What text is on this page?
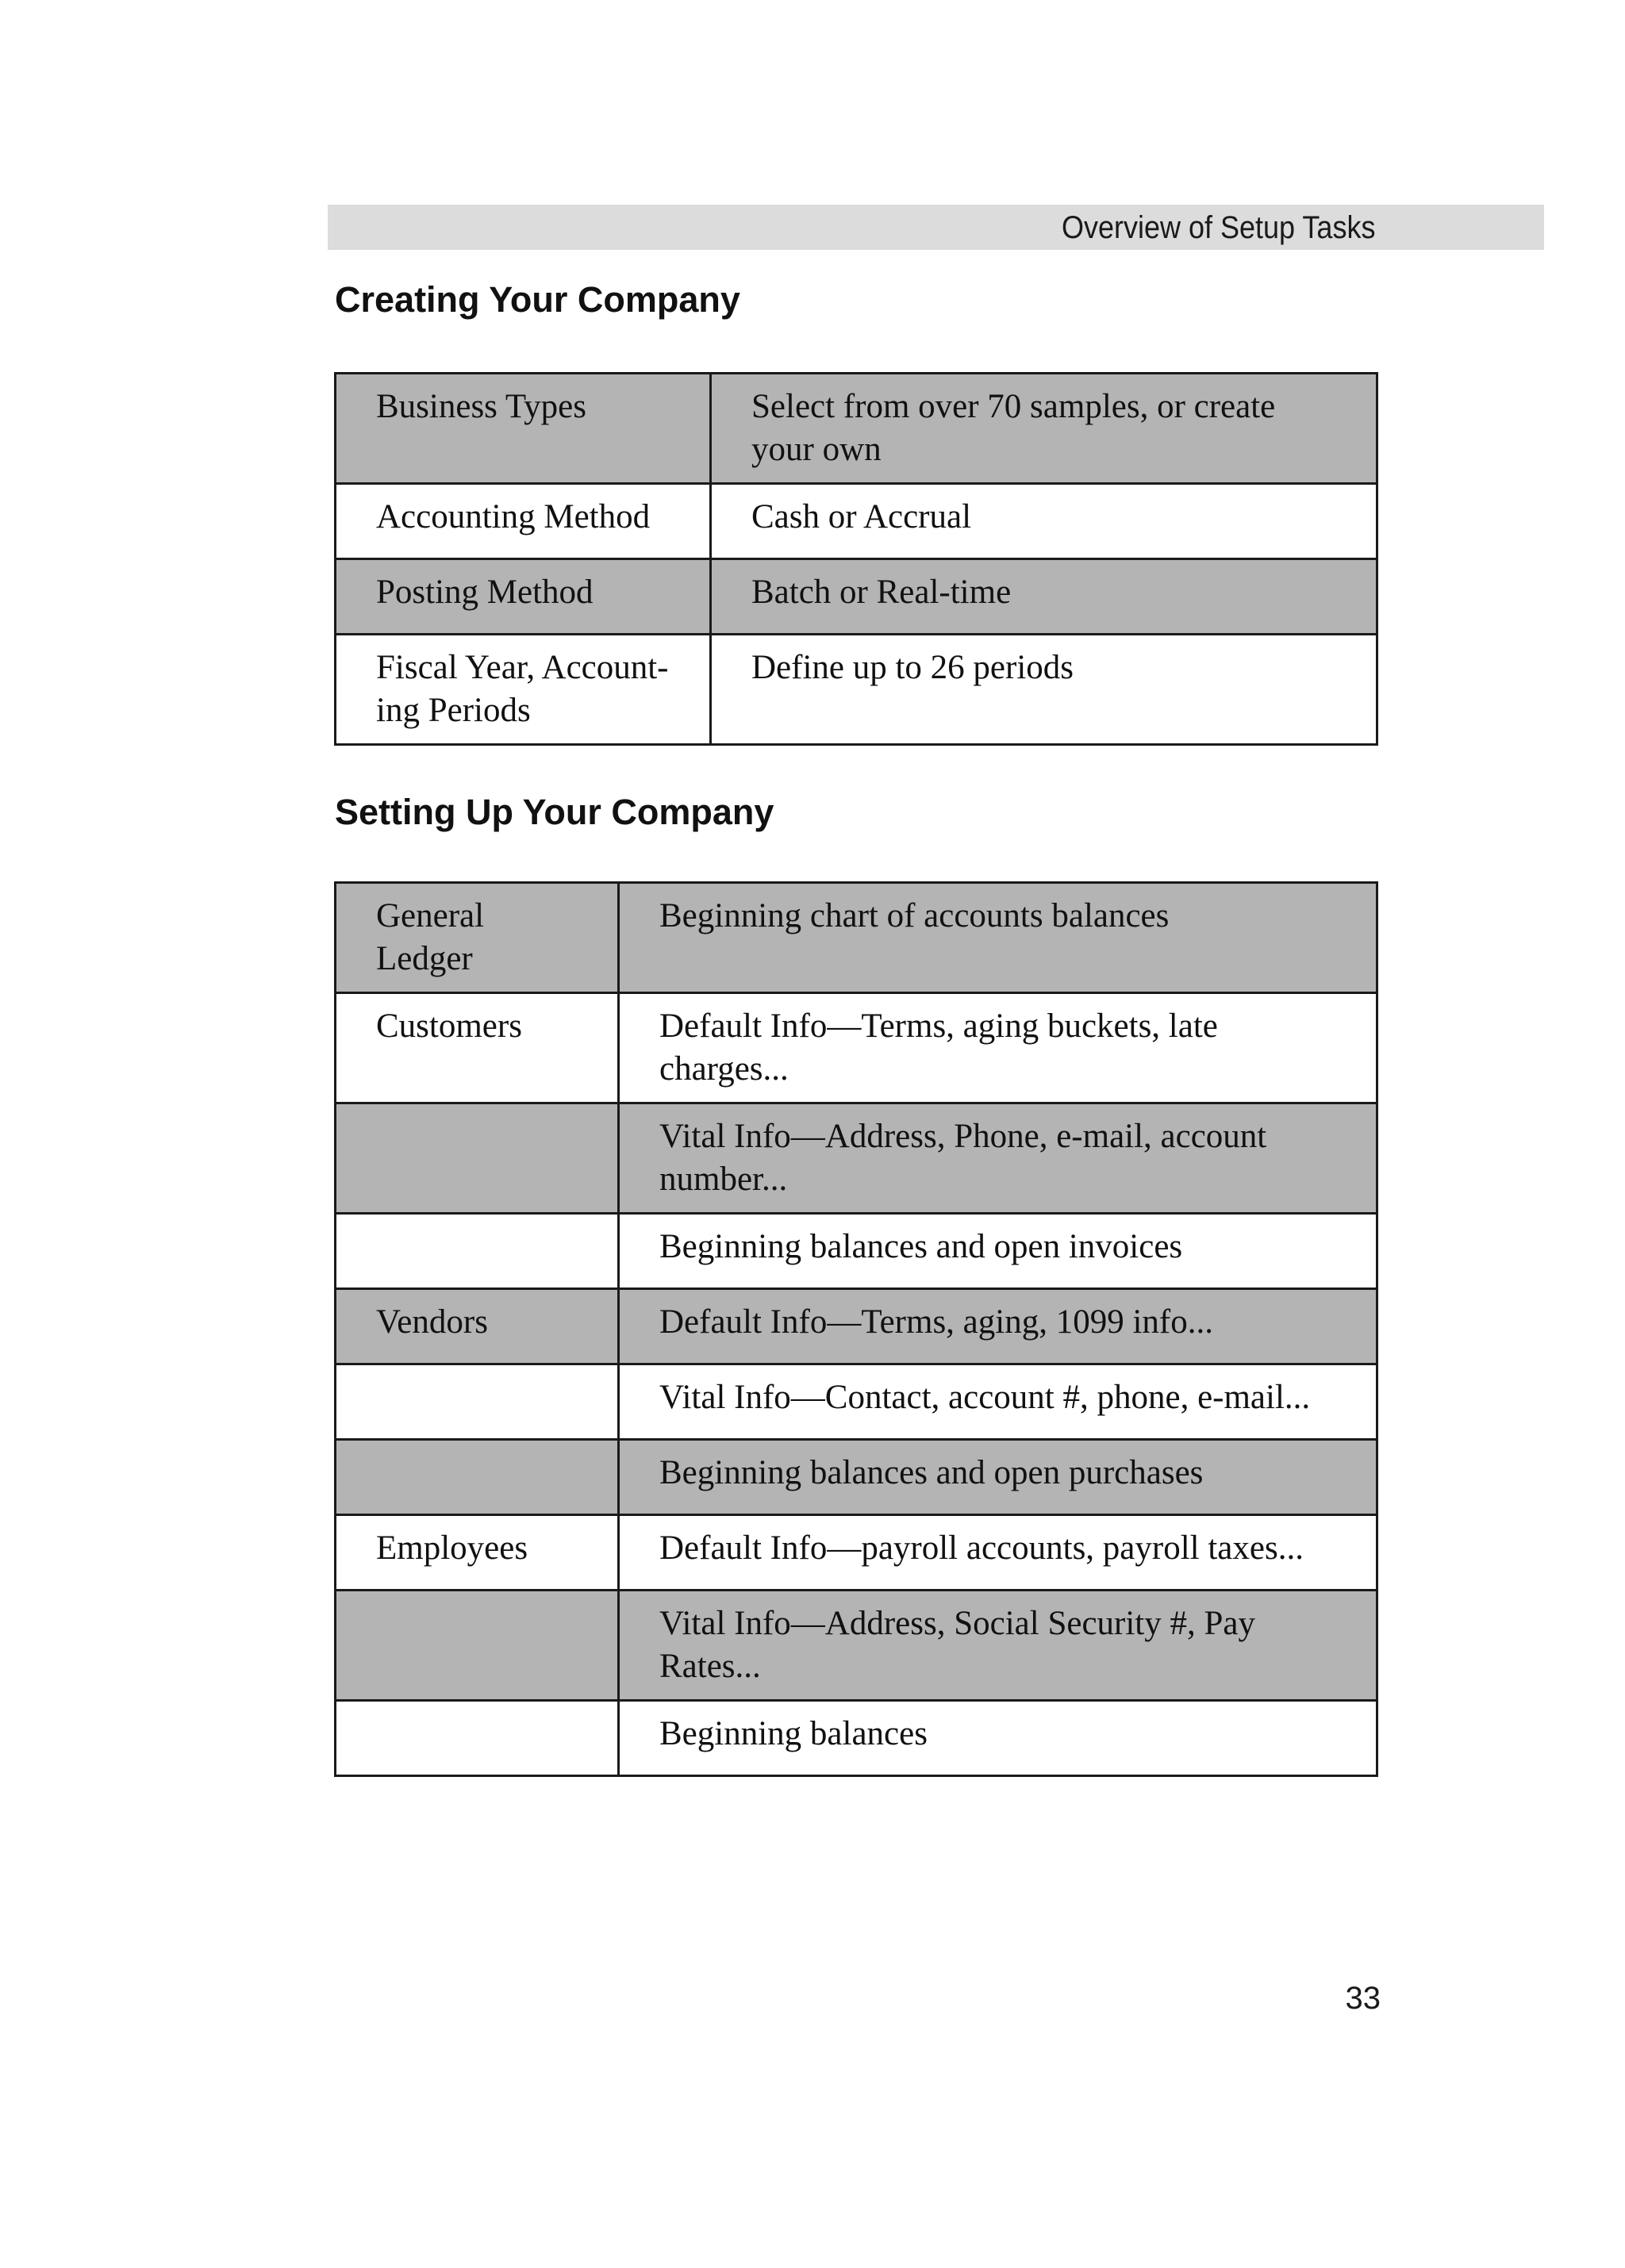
Overview of Setup Tasks
Creating Your Company
Business Types	Select from over 70 samples, or create your own
Accounting Method	Cash or Accrual
Posting Method	Batch or Real-time
Fiscal Year, Account-ing Periods	Define up to 26 periods
Setting Up Your Company
General Ledger	Beginning chart of accounts balances
Customers	Default Info—Terms, aging buckets, late charges...
	Vital Info—Address, Phone, e-mail, account number...
	Beginning balances and open invoices
Vendors	Default Info—Terms, aging, 1099 info...
	Vital Info—Contact, account #, phone, e-mail...
	Beginning balances and open purchases
Employees	Default Info—payroll accounts, payroll taxes...
	Vital Info—Address, Social Security #, Pay Rates...
	Beginning balances
33
